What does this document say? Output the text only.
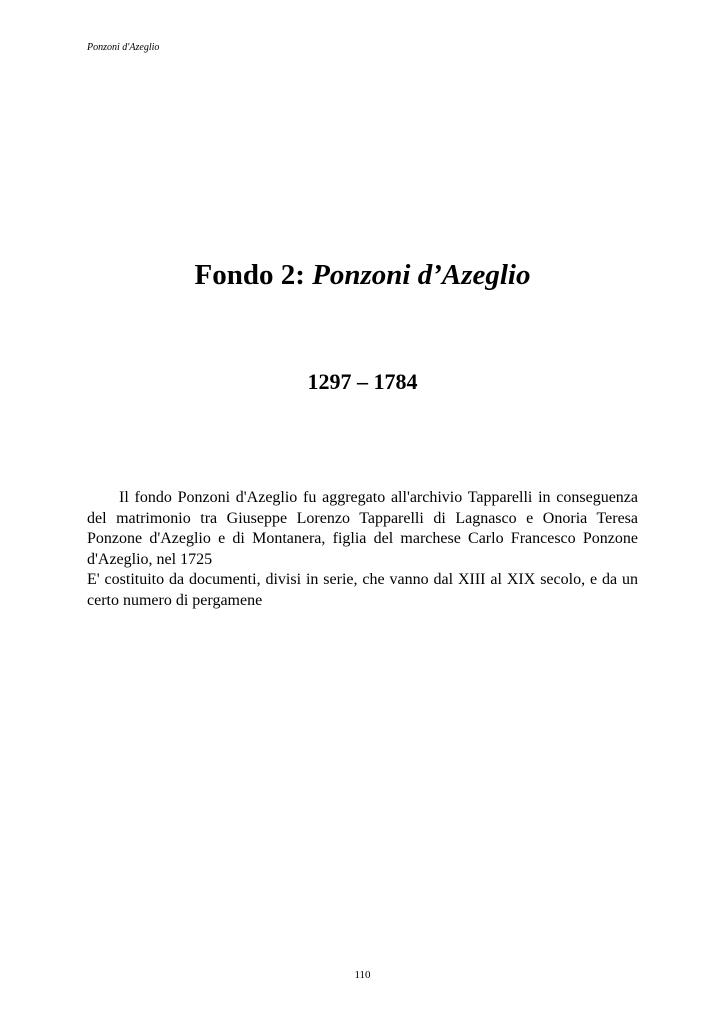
Ponzoni d'Azeglio
Fondo 2: Ponzoni d’Azeglio
1297 – 1784

Il fondo Ponzoni d'Azeglio fu aggregato all'archivio Tapparelli in conseguenza del matrimonio tra Giuseppe Lorenzo Tapparelli di Lagnasco e Onoria Teresa Ponzone d'Azeglio e di Montanera, figlia del marchese Carlo Francesco Ponzone d'Azeglio, nel 1725

E' costituito da documenti, divisi in serie, che vanno dal XIII al XIX secolo, e da un certo numero di pergamene

110
